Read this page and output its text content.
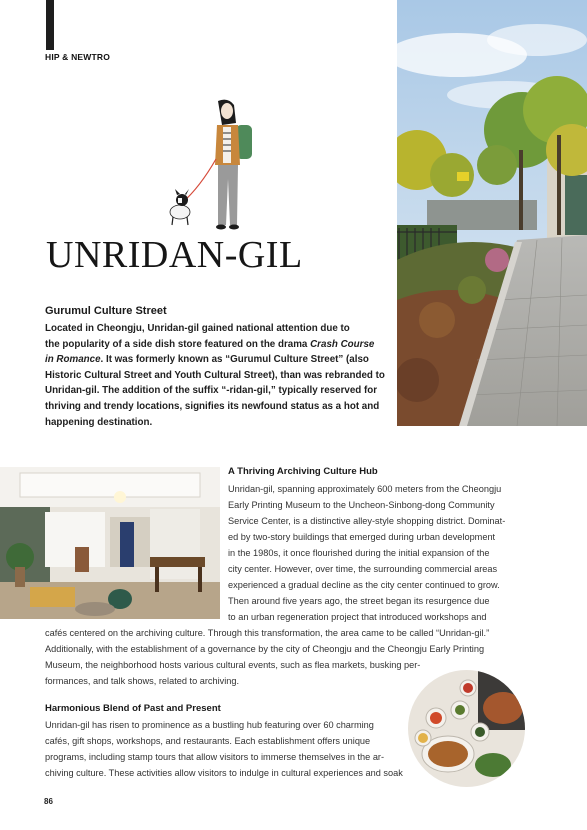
HIP & NEWTRO
UNRIDAN-GIL
Gurumul Culture Street
Located in Cheongju, Unridan-gil gained national attention due to
the popularity of a side dish store featured on the drama Crash Course
in Romance. It was formerly known as “Gurumul Culture Street” (also
Historic Cultural Street and Youth Cultural Street), than was rebranded to
Unridan-gil. The addition of the suffix “-ridan-gil,” typically reserved for
thriving and trendy locations, signifies its newfound status as a hot and
happening destination.
A Thriving Archiving Culture Hub
Unridan-gil, spanning approximately 600 meters from the Cheongju
Early Printing Museum to the Uncheon-Sinbong-dong Community
Service Center, is a distinctive alley-style shopping district. Dominat-
ed by two-story buildings that emerged during urban development
in the 1980s, it once flourished during the initial expansion of the
city center. However, over time, the surrounding commercial areas
experienced a gradual decline as the city center continued to grow.
Then around five years ago, the street began its resurgence due
to an urban regeneration project that introduced workshops and
cafés centered on the archiving culture. Through this transformation, the area came to be called “Unridan-gil.”
Additionally, with the establishment of a governance by the city of Cheongju and the Cheongju Early Printing
Museum, the neighborhood hosts various cultural events, such as flea markets, busking per-
formances, and talk shows, related to archiving.
Harmonious Blend of Past and Present
Unridan-gil has risen to prominence as a bustling hub featuring over 60 charming
cafés, gift shops, workshops, and restaurants. Each establishment offers unique
programs, including stamp tours that allow visitors to immerse themselves in the ar-
chiving culture. These activities allow visitors to indulge in cultural experiences and soak
86
